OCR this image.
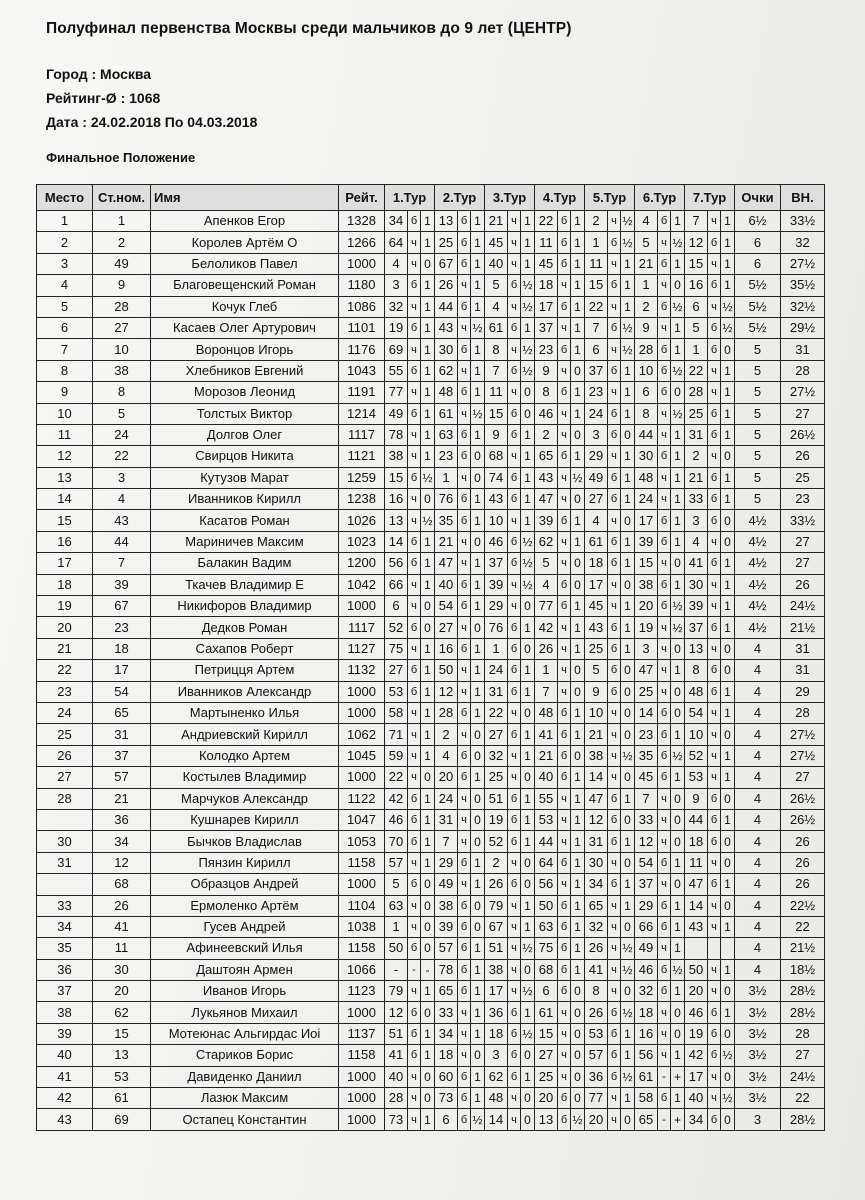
Полуфинал первенства Москвы среди мальчиков до 9 лет (ЦЕНТР)
Город : Москва
Рейтинг-Ø : 1068
Дата : 24.02.2018 По 04.03.2018
Финальное Положение
Место	Ст.ном.	Имя	Рейт.	1.Тур			2.Тур			3.Тур			4.Тур			5.Тур			6.Тур			7.Тур			Очки	ВН.
1	1	Апенков Егор	1328	34	б	1	13	б	1	21	ч	1	22	б	1	2	ч	½	4	б	1	7	ч	1	6½	33½
2	2	Королев Артём О	1266	64	ч	1	25	б	1	45	ч	1	11	б	1	1	б	½	5	ч	½	12	б	1	6	32
3	49	Белоликов Павел	1000	4	ч	0	67	б	1	40	ч	1	45	б	1	11	ч	1	21	б	1	15	ч	1	6	27½
4	9	Благовещенский Роман	1180	3	б	1	26	ч	1	5	б	½	18	ч	1	15	б	1	1	ч	0	16	б	1	5½	35½
5	28	Кочук Глеб	1086	32	ч	1	44	б	1	4	ч	½	17	б	1	22	ч	1	2	б	½	6	ч	½	5½	32½
6	27	Касаев Олег Артурович	1101	19	б	1	43	ч	½	61	б	1	37	ч	1	7	б	½	9	ч	1	5	б	½	5½	29½
7	10	Воронцов Игорь	1176	69	ч	1	30	б	1	8	ч	½	23	б	1	6	ч	½	28	б	1	1	б	0	5	31
8	38	Хлебников Евгений	1043	55	б	1	62	ч	1	7	б	½	9	ч	0	37	б	1	10	б	½	22	ч	1	5	28
9	8	Морозов Леонид	1191	77	ч	1	48	б	1	11	ч	0	8	б	1	23	ч	1	6	б	0	28	ч	1	5	27½
10	5	Толстых Виктор	1214	49	б	1	61	ч	½	15	б	0	46	ч	1	24	б	1	8	ч	½	25	б	1	5	27
11	24	Долгов Олег	1117	78	ч	1	63	б	1	9	б	1	2	ч	0	3	б	0	44	ч	1	31	б	1	5	26½
12	22	Свирцов Никита	1121	38	ч	1	23	б	0	68	ч	1	65	б	1	29	ч	1	30	б	1	2	ч	0	5	26
13	3	Кутузов Марат	1259	15	б	½	1	ч	0	74	б	1	43	ч	½	49	б	1	48	ч	1	21	б	1	5	25
14	4	Иванников Кирилл	1238	16	ч	0	76	б	1	43	б	1	47	ч	0	27	б	1	24	ч	1	33	б	1	5	23
15	43	Касатов Роман	1026	13	ч	½	35	б	1	10	ч	1	39	б	1	4	ч	0	17	б	1	3	б	0	4½	33½
16	44	Мариничев Максим	1023	14	б	1	21	ч	0	46	б	½	62	ч	1	61	б	1	39	б	1	4	ч	0	4½	27
17	7	Балакин Вадим	1200	56	б	1	47	ч	1	37	б	½	5	ч	0	18	б	1	15	ч	0	41	б	1	4½	27
18	39	Ткачев Владимир Е	1042	66	ч	1	40	б	1	39	ч	½	4	б	0	17	ч	0	38	б	1	30	ч	1	4½	26
19	67	Никифоров Владимир	1000	6	ч	0	54	б	1	29	ч	0	77	б	1	45	ч	1	20	б	½	39	ч	1	4½	24½
20	23	Дедков Роман	1117	52	б	0	27	ч	0	76	б	1	42	ч	1	43	б	1	19	ч	½	37	б	1	4½	21½
21	18	Сахапов Роберт	1127	75	ч	1	16	б	1	1	б	0	26	ч	1	25	б	1	3	ч	0	13	ч	0	4	31
22	17	Петрицця Артем	1132	27	б	1	50	ч	1	24	б	1	1	ч	0	5	б	0	47	ч	1	8	б	0	4	31
23	54	Иванников Александр	1000	53	б	1	12	ч	1	31	б	1	7	ч	0	9	б	0	25	ч	0	48	б	1	4	29
24	65	Мартыненко Илья	1000	58	ч	1	28	б	1	22	ч	0	48	б	1	10	ч	0	14	б	0	54	ч	1	4	28
25	31	Андриевский Кирилл	1062	71	ч	1	2	ч	0	27	б	1	41	б	1	21	ч	0	23	б	1	10	ч	0	4	27½
26	37	Колодко Артем	1045	59	ч	1	4	б	0	32	ч	1	21	б	0	38	ч	½	35	б	½	52	ч	1	4	27½
27	57	Костылев Владимир	1000	22	ч	0	20	б	1	25	ч	0	40	б	1	14	ч	0	45	б	1	53	ч	1	4	27
28	21	Марчуков Александр	1122	42	б	1	24	ч	0	51	б	1	55	ч	1	47	б	1	7	ч	0	9	б	0	4	26½
	36	Кушнарев Кирилл	1047	46	б	1	31	ч	0	19	б	1	53	ч	1	12	б	0	33	ч	0	44	б	1	4	26½
30	34	Бычков Владислав	1053	70	б	1	7	ч	0	52	б	1	44	ч	1	31	б	1	12	ч	0	18	б	0	4	26
31	12	Пянзин Кирилл	1158	57	ч	1	29	б	1	2	ч	0	64	б	1	30	ч	0	54	б	1	11	ч	0	4	26
	68	Образцов Андрей	1000	5	б	0	49	ч	1	26	б	0	56	ч	1	34	б	1	37	ч	0	47	б	1	4	26
33	26	Ермоленко Артём	1104	63	ч	0	38	б	0	79	ч	1	50	б	1	65	ч	1	29	б	1	14	ч	0	4	22½
34	41	Гусев Андрей	1038	1	ч	0	39	б	0	67	ч	1	63	б	1	32	ч	0	66	б	1	43	ч	1	4	22
35	11	Афинеевский Илья	1158	50	б	0	57	б	1	51	ч	½	75	б	1	26	ч	½	49	ч	1				4	21½
36	30	Даштоян Армен	1066	-	-	-	78	б	1	38	ч	0	68	б	1	41	ч	½	46	б	½	50	ч	1	4	18½
37	20	Иванов Игорь	1123	79	ч	1	65	б	1	17	ч	½	6	б	0	8	ч	0	32	б	1	20	ч	0	3½	28½
38	62	Лукьянов Михаил	1000	12	б	0	33	ч	1	36	б	1	61	ч	0	26	б	½	18	ч	0	46	б	1	3½	28½
39	15	Мотеюнас Альгирдас Иоі	1137	51	б	1	34	ч	1	18	б	½	15	ч	0	53	б	1	16	ч	0	19	б	0	3½	28
40	13	Стариков Борис	1158	41	б	1	18	ч	0	3	б	0	27	ч	0	57	б	1	56	ч	1	42	б	½	3½	27
41	53	Давиденко Даниил	1000	40	ч	0	60	б	1	62	б	1	25	ч	0	36	б	½	61	-	+	17	ч	0	3½	24½
42	61	Лазюк Максим	1000	28	ч	0	73	б	1	48	ч	0	20	б	0	77	ч	1	58	б	1	40	ч	½	3½	22
43	69	Остапец Константин	1000	73	ч	1	6	б	½	14	ч	0	13	б	½	20	ч	0	65	-	+	34	б	0	3	28½
